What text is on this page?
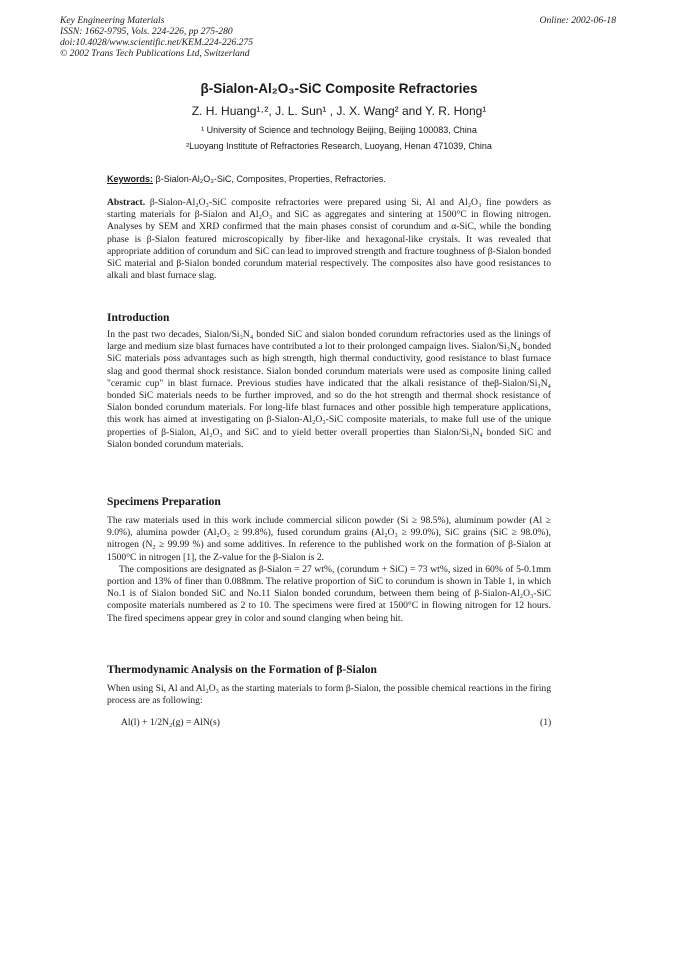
Key Engineering Materials
ISSN: 1662-9795, Vols. 224-226, pp 275-280
doi:10.4028/www.scientific.net/KEM.224-226.275
© 2002 Trans Tech Publications Ltd, Switzerland
Online: 2002-06-18
β-Sialon-Al₂O₃-SiC Composite Refractories
Z. H. Huang¹·², J. L. Sun¹ , J. X. Wang² and Y. R. Hong¹
¹ University of Science and technology Beijing, Beijing 100083, China
²Luoyang Institute of Refractories Research, Luoyang, Henan 471039, China
Keywords: β-Sialon-Al₂O₃-SiC, Composites, Properties, Refractories.

Abstract. β-Sialon-Al₂O₃-SiC composite refractories were prepared using Si, Al and Al₂O₃ fine powders as starting materials for β-Sialon and Al₂O₃ and SiC as aggregates and sintering at 1500°C in flowing nitrogen. Analyses by SEM and XRD confirmed that the main phases consist of corundum and α-SiC, while the bonding phase is β-Sialon featured microscopically by fiber-like and hexagonal-like crystals. It was revealed that appropriate addition of corundum and SiC can lead to improved strength and fracture toughness of β-Sialon bonded SiC material and β-Sialon bonded corundum material respectively. The composites also have good resistances to alkali and blast furnace slag.

Introduction

In the past two decades, Sialon/Si₃N₄ bonded SiC and sialon bonded corundum refractories used as the linings of large and medium size blast furnaces have contributed a lot to their prolonged campaign lives. Sialon/Si₃N₄ bonded SiC materials poss advantages such as high strength, high thermal conductivity, good resistance to blast furnace slag and good thermal shock resistance. Sialon bonded corundum materials were used as composite lining called "ceramic cup" in blast furnace. Previous studies have indicated that the alkali resistance of theβ-Sialon/Si₃N₄ bonded SiC materials needs to be further improved, and so do the hot strength and thermal shock resistance of Sialon bonded corundum materials. For long-life blast furnaces and other possible high temperature applications, this work has aimed at investigating on β-Sialon-Al₂O₃-SiC composite materials, to make full use of the unique properties of β-Sialon, Al₂O₃ and SiC and to yield better overall properties than Sialon/Si₃N₄ bonded SiC and Sialon bonded corundum materials.

Specimens Preparation

The raw materials used in this work include commercial silicon powder (Si ≥ 98.5%), aluminum powder (Al ≥ 9.0%), alumina powder (Al₂O₃ ≥ 99.8%), fused corundum grains (Al₂O₃ ≥ 99.0%), SiC grains (SiC ≥ 98.0%), nitrogen (N₂ ≥ 99.99 %) and some additives. In reference to the published work on the formation of β-Sialon at 1500°C in nitrogen [1], the Z-value for the β-Sialon is 2.

The compositions are designated as β-Sialon = 27 wt%, (corundum + SiC) = 73 wt%, sized in 60% of 5-0.1mm portion and 13% of finer than 0.088mm. The relative proportion of SiC to corundum is shown in Table 1, in which No.1 is of Sialon bonded SiC and No.11 Sialon bonded corundum, between them being of β-Sialon-Al₂O₃-SiC composite materials numbered as 2 to 10. The specimens were fired at 1500°C in flowing nitrogen for 12 hours. The fired specimens appear grey in color and sound clanging when being hit.

Thermodynamic Analysis on the Formation of β-Sialon

When using Si, Al and Al₂O₃ as the starting materials to form β-Sialon, the possible chemical reactions in the firing process are as following:

Al(l) + 1/2N₂(g) = AlN(s)	(1)
